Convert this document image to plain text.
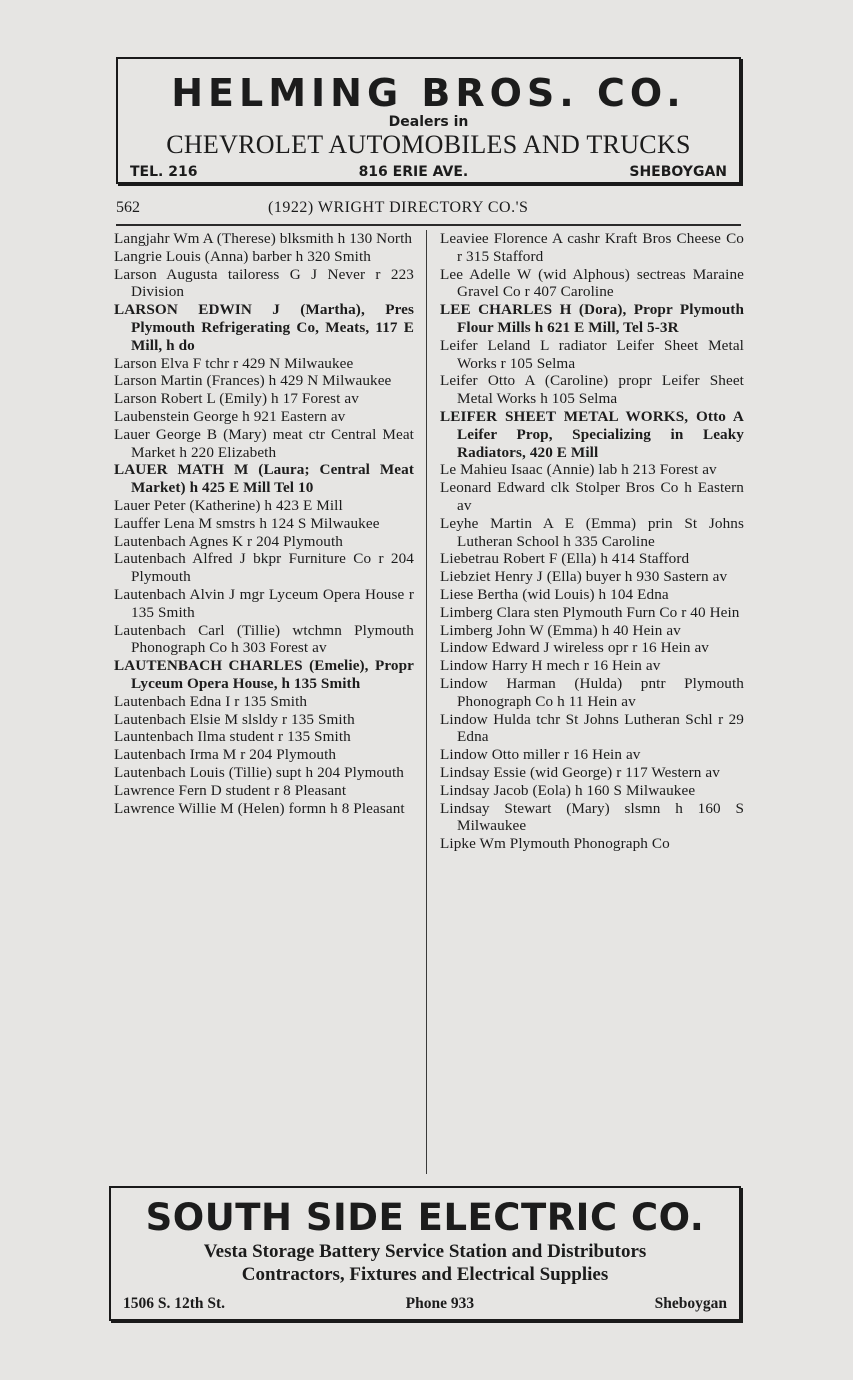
HELMING BROS. CO.
Dealers in
CHEVROLET AUTOMOBILES AND TRUCKS
TEL. 216	816 ERIE AVE.	SHEBOYGAN
562	(1922) WRIGHT DIRECTORY CO.'S
Langjahr Wm A (Therese) blksmith h 130 North
Langrie Louis (Anna) barber h 320 Smith
Larson Augusta tailoress G J Never r 223 Division
LARSON EDWIN J (Martha), Pres Plymouth Refrigerating Co, Meats, 117 E Mill, h do
Larson Elva F tchr r 429 N Milwaukee
Larson Martin (Frances) h 429 N Milwaukee
Larson Robert L (Emily) h 17 Forest av
Laubenstein George h 921 Eastern av
Lauer George B (Mary) meat ctr Central Meat Market h 220 Elizabeth
LAUER MATH M (Laura; Central Meat Market) h 425 E Mill Tel 10
Lauer Peter (Katherine) h 423 E Mill
Lauffer Lena M smstrs h 124 S Milwaukee
Lautenbach Agnes K r 204 Plymouth
Lautenbach Alfred J bkpr Furniture Co r 204 Plymouth
Lautenbach Alvin J mgr Lyceum Opera House r 135 Smith
Lautenbach Carl (Tillie) wtchmn Plymouth Phonograph Co h 303 Forest av
LAUTENBACH CHARLES (Emelie), Propr Lyceum Opera House, h 135 Smith
Lautenbach Edna I r 135 Smith
Lautenbach Elsie M slsldy r 135 Smith
Launtenbach Ilma student r 135 Smith
Lautenbach Irma M r 204 Plymouth
Lautenbach Louis (Tillie) supt h 204 Plymouth
Lawrence Fern D student r 8 Pleasant
Lawrence Willie M (Helen) formn h 8 Pleasant
Leaviee Florence A cashr Kraft Bros Cheese Co r 315 Stafford
Lee Adelle W (wid Alphous) sectreas Maraine Gravel Co r 407 Caroline
LEE CHARLES H (Dora), Propr Plymouth Flour Mills h 621 E Mill, Tel 5-3R
Leifer Leland L radiator Leifer Sheet Metal Works r 105 Selma
Leifer Otto A (Caroline) propr Leifer Sheet Metal Works h 105 Selma
LEIFER SHEET METAL WORKS, Otto A Leifer Prop, Specializing in Leaky Radiators, 420 E Mill
Le Mahieu Isaac (Annie) lab h 213 Forest av
Leonard Edward clk Stolper Bros Co h Eastern av
Leyhe Martin A E (Emma) prin St Johns Lutheran School h 335 Caroline
Liebetrau Robert F (Ella) h 414 Stafford
Liebziet Henry J (Ella) buyer h 930 Sastern av
Liese Bertha (wid Louis) h 104 Edna
Limberg Clara sten Plymouth Furn Co r 40 Hein
Limberg John W (Emma) h 40 Hein av
Lindow Edward J wireless opr r 16 Hein av
Lindow Harry H mech r 16 Hein av
Lindow Harman (Hulda) pntr Plymouth Phonograph Co h 11 Hein av
Lindow Hulda tchr St Johns Lutheran Schl r 29 Edna
Lindow Otto miller r 16 Hein av
Lindsay Essie (wid George) r 117 Western av
Lindsay Jacob (Eola) h 160 S Milwaukee
Lindsay Stewart (Mary) slsmn h 160 S Milwaukee
Lipke Wm Plymouth Phonograph Co
SOUTH SIDE ELECTRIC CO.
Vesta Storage Battery Service Station and Distributors
Contractors, Fixtures and Electrical Supplies
1506 S. 12th St.	Phone 933	Sheboygan
